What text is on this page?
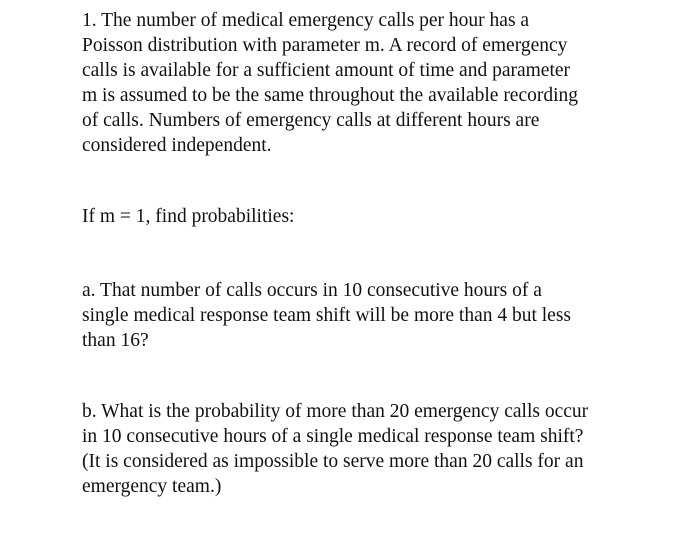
1. The number of medical emergency calls per hour has a
Poisson distribution with parameter m. A record of emergency
calls is available for a sufficient amount of time and parameter
m is assumed to be the same throughout the available recording
of calls. Numbers of emergency calls at different hours are
considered independent.

If m = 1, find probabilities:

a. That number of calls occurs in 10 consecutive hours of a
single medical response team shift will be more than 4 but less
than 16?

b. What is the probability of more than 20 emergency calls occur
in 10 consecutive hours of a single medical response team shift?
(It is considered as impossible to serve more than 20 calls for an
emergency team.)
